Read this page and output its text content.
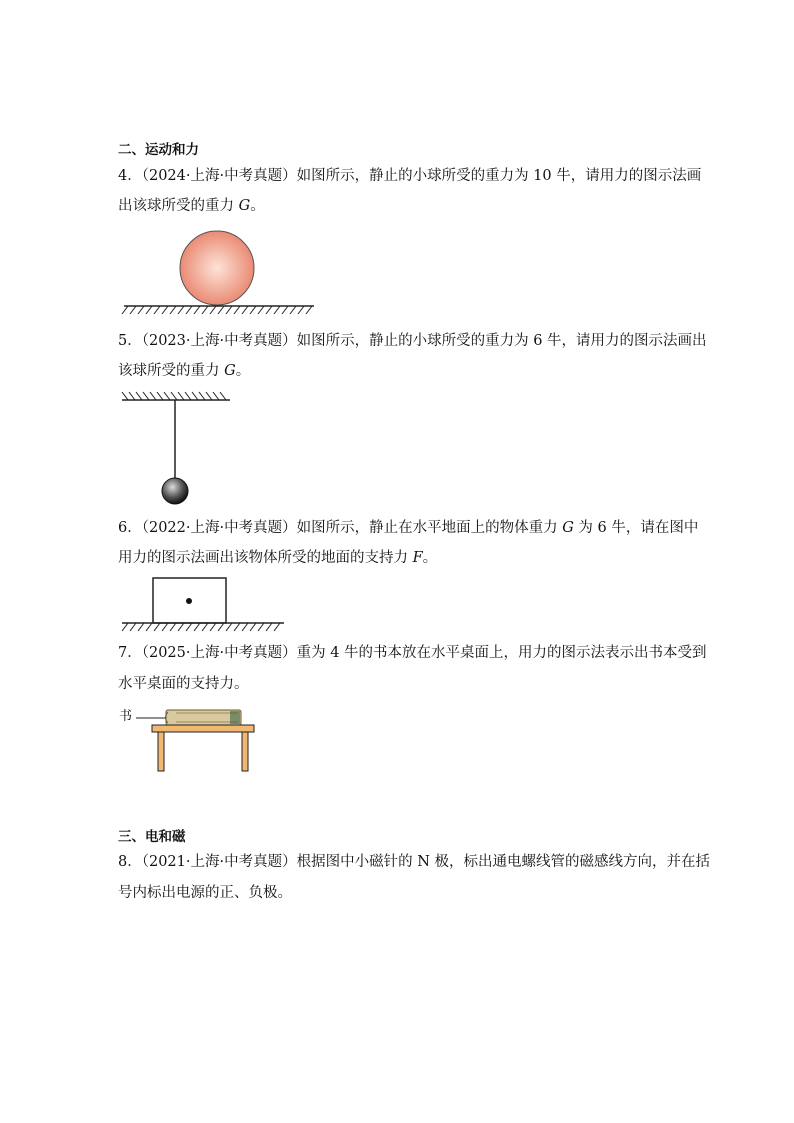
二、运动和力
4．（2024·上海·中考真题）如图所示，静止的小球所受的重力为 10 牛，请用力的图示法画
出该球所受的重力 G。
5．（2023·上海·中考真题）如图所示，静止的小球所受的重力为 6 牛，请用力的图示法画出
该球所受的重力 G。
6．（2022·上海·中考真题）如图所示，静止在水平地面上的物体重力 G 为 6 牛，请在图中
用力的图示法画出该物体所受的地面的支持力 F。
7．（2025·上海·中考真题）重为 4 牛的书本放在水平桌面上，用力的图示法表示出书本受到
水平桌面的支持力。
书
三、电和磁
8．（2021·上海·中考真题）根据图中小磁针的 N 极，标出通电螺线管的磁感线方向，并在括
号内标出电源的正、负极。
